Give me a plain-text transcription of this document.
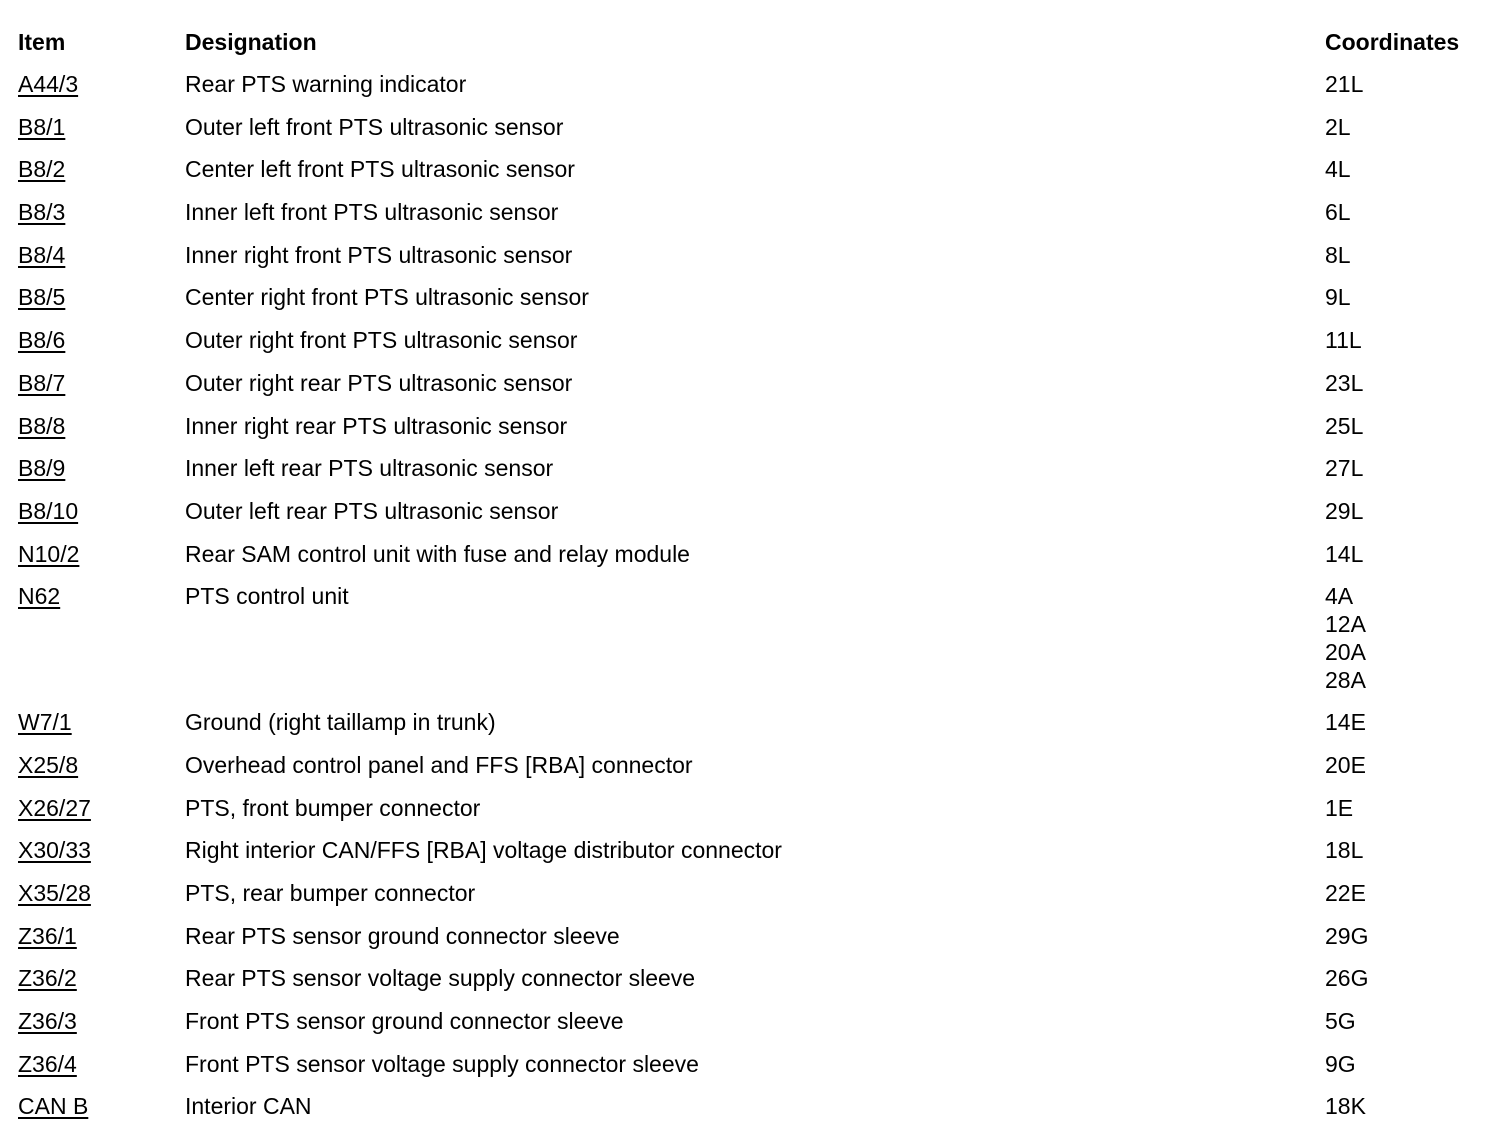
Item	Designation	Coordinates
A44/3	Rear PTS warning indicator	21L
B8/1	Outer left front PTS ultrasonic sensor	2L
B8/2	Center left front PTS ultrasonic sensor	4L
B8/3	Inner left front PTS ultrasonic sensor	6L
B8/4	Inner right front PTS ultrasonic sensor	8L
B8/5	Center right front PTS ultrasonic sensor	9L
B8/6	Outer right front PTS ultrasonic sensor	11L
B8/7	Outer right rear PTS ultrasonic sensor	23L
B8/8	Inner right rear PTS ultrasonic sensor	25L
B8/9	Inner left rear PTS ultrasonic sensor	27L
B8/10	Outer left rear PTS ultrasonic sensor	29L
N10/2	Rear SAM control unit with fuse and relay module	14L
N62	PTS control unit	4A
12A
20A
28A
W7/1	Ground (right taillamp in trunk)	14E
X25/8	Overhead control panel and FFS [RBA] connector	20E
X26/27	PTS, front bumper connector	1E
X30/33	Right interior CAN/FFS [RBA] voltage distributor connector	18L
X35/28	PTS, rear bumper connector	22E
Z36/1	Rear PTS sensor ground connector sleeve	29G
Z36/2	Rear PTS sensor voltage supply connector sleeve	26G
Z36/3	Front PTS sensor ground connector sleeve	5G
Z36/4	Front PTS sensor voltage supply connector sleeve	9G
CAN B	Interior CAN	18K
